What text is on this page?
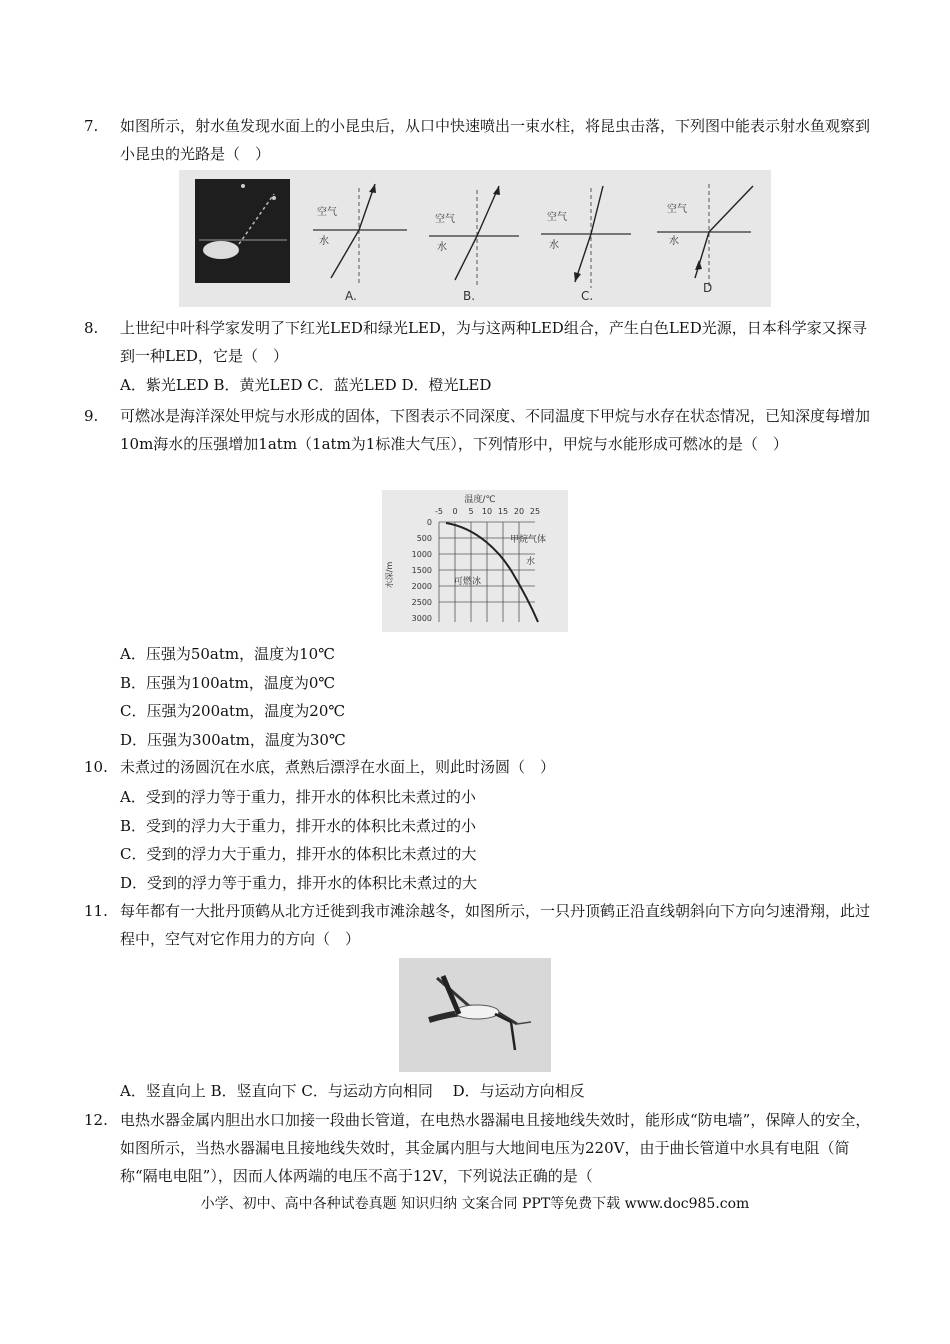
7.	如图所示，射水鱼发现水面上的小昆虫后，从口中快速喷出一束水柱，将昆虫击落，下列图中能表示射水鱼观察到小昆虫的光路是（　）
空气
水
A.
空气
水
B.
空气
水
C.
空气
水
D
8.	上世纪中叶科学家发明了下红光LED和绿光LED，为与这两种LED组合，产生白色LED光源，日本科学家又探寻到一种LED，它是（　）
A．紫光LED B．黄光LED C．蓝光LED D．橙光LED
9.	可燃冰是海洋深处甲烷与水形成的固体，下图表示不同深度、不同温度下甲烷与水存在状态情况，已知深度每增加10m海水的压强增加1atm（1atm为1标准大气压），下列情形中，甲烷与水能形成可燃冰的是（　）
温度/℃
-5 0 5 10 15 20 25
0
500
1000
1500
2000
2500
3000
水深/m
甲烷气体
水
可燃冰
A．压强为50atm，温度为10℃
B．压强为100atm，温度为0℃
C．压强为200atm，温度为20℃
D．压强为300atm，温度为30℃
10. 未煮过的汤圆沉在水底，煮熟后漂浮在水面上，则此时汤圆（　）
A．受到的浮力等于重力，排开水的体积比未煮过的小
B．受到的浮力大于重力，排开水的体积比未煮过的小
C．受到的浮力大于重力，排开水的体积比未煮过的大
D．受到的浮力等于重力，排开水的体积比未煮过的大
11. 每年都有一大批丹顶鹤从北方迁徙到我市滩涂越冬，如图所示，一只丹顶鹤正沿直线朝斜向下方向匀速滑翔，此过程中，空气对它作用力的方向（　）
A．竖直向上 B．竖直向下 C．与运动方向相同　 D．与运动方向相反
12. 电热水器金属内胆出水口加接一段曲长管道，在电热水器漏电且接地线失效时，能形成“防电墙”，保障人的安全，如图所示，当热水器漏电且接地线失效时，其金属内胆与大地间电压为220V，由于曲长管道中水具有电阻（简称“隔电电阻”），因而人体两端的电压不高于12V，下列说法正确的是（
小学、初中、高中各种试卷真题 知识归纳 文案合同 PPT等免费下载 www.doc985.com
